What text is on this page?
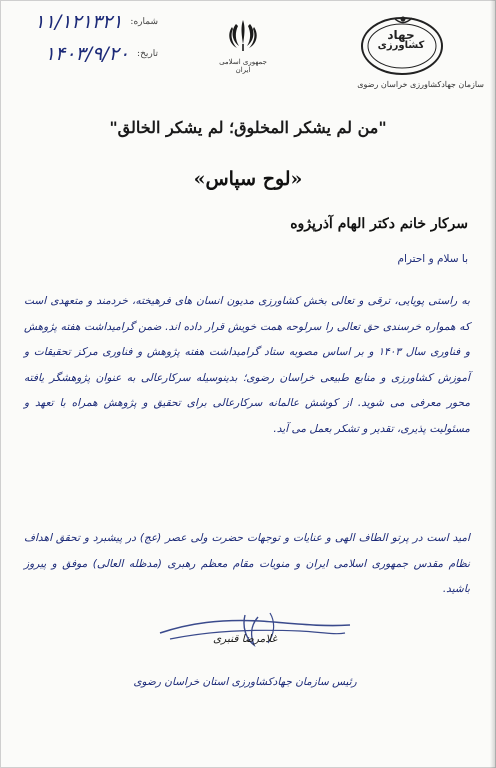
شماره:
۱۱/۱۲۱۳۲۱
تاریخ:
۱۴۰۳/۹/۲۰	جمهوری اسلامی ایران
جهاد
کشاورزی
سازمان جهادکشاورزی خراسان رضوی
"من لم یشکر المخلوق؛ لم یشکر الخالق"
«لوح سپاس»
سرکار خانم دکتر الهام آذرپژوه
با سلام و احترام
به راستی پویایی، ترقی و تعالی بخش کشاورزی مدیون انسان های فرهیخته، خردمند و متعهدی است که همواره خرسندی حق تعالی را سرلوحه همت خویش قرار داده اند. ضمن گرامیداشت هفته پژوهش و فناوری سال ۱۴۰۳ و بر اساس مصوبه ستاد گرامیداشت هفته پژوهش و فناوری مرکز تحقیقات و آموزش کشاورزی و منابع طبیعی خراسان رضوی؛ بدینوسیله سرکارعالی به عنوان پژوهشگر یافته محور معرفی می شوید. از کوشش عالمانه سرکارعالی برای تحقیق و پژوهش همراه با تعهد و مسئولیت پذیری، تقدیر و تشکر بعمل می آید.
امید است در پرتو الطاف الهی و عنایات و توجهات حضرت ولی عصر (عج) در پیشبرد و تحقق اهداف نظام مقدس جمهوری اسلامی ایران و منویات مقام معظم رهبری (مدظله العالی) موفق و پیروز باشید.
غلامرضا قنبری
رئیس سازمان جهادکشاورزی استان خراسان رضوی
